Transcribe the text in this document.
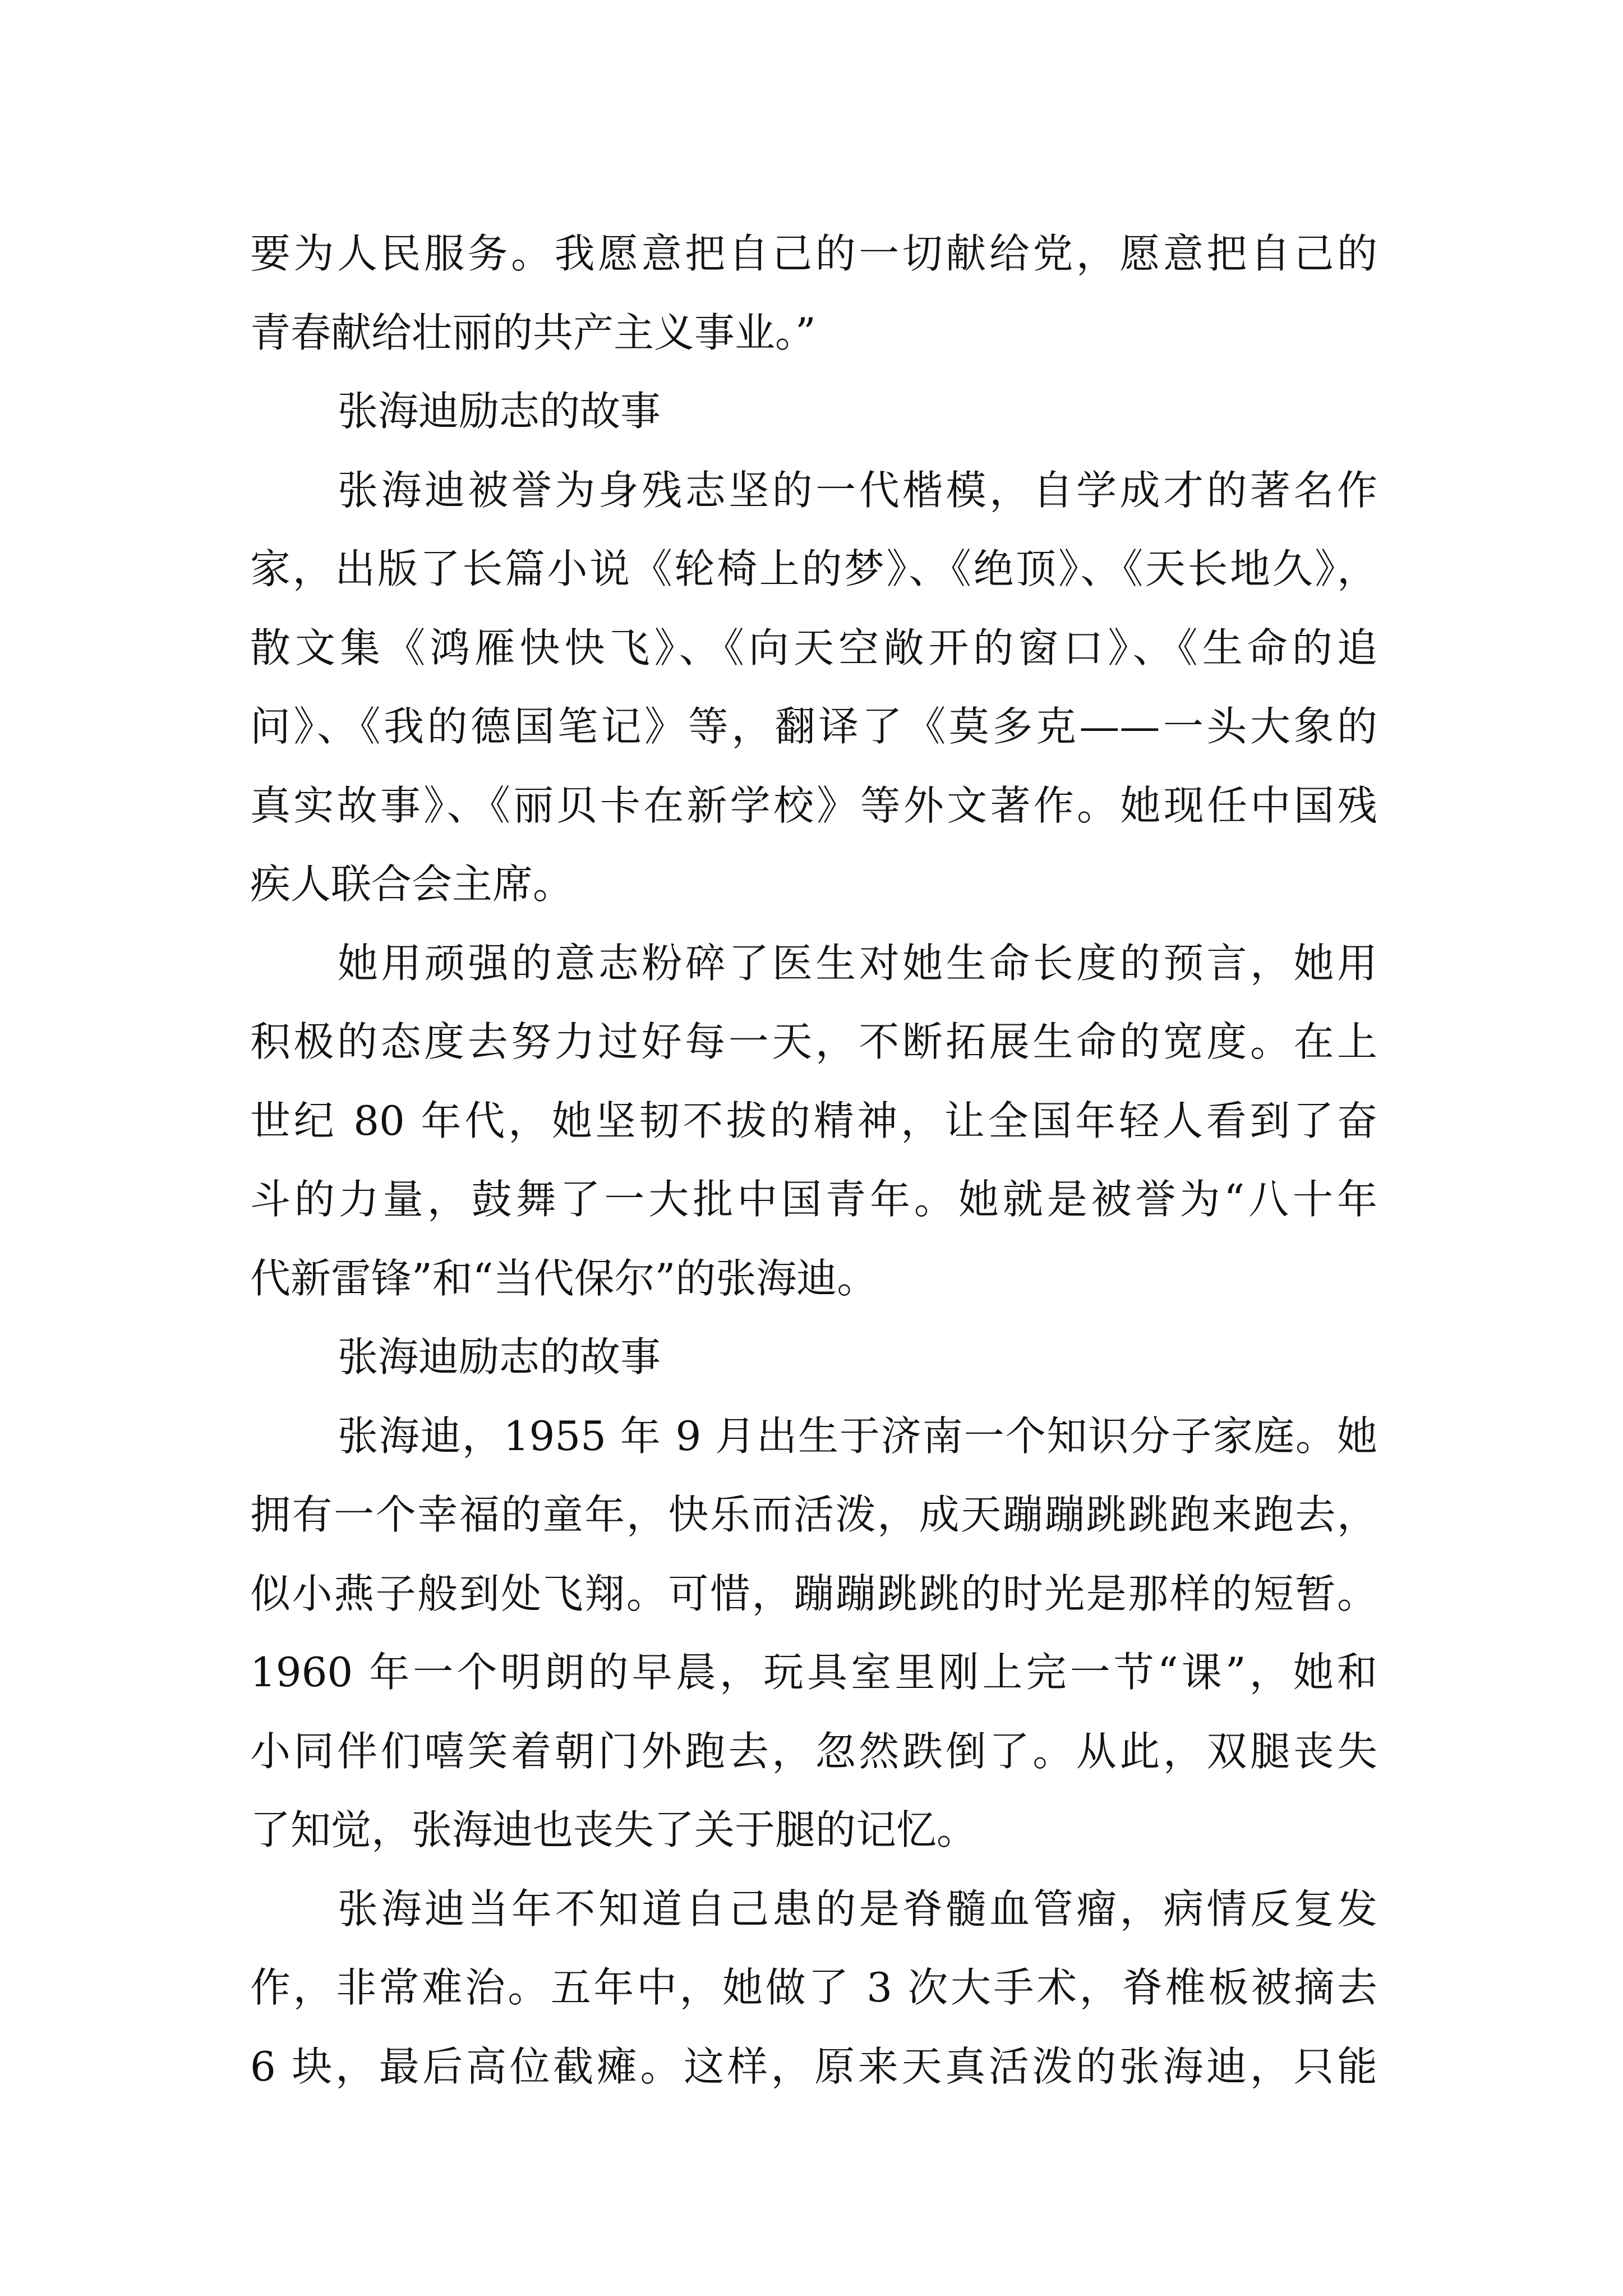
要为人民服务。我愿意把自己的一切献给党，愿意把自己的
青春献给壮丽的共产主义事业。”
张海迪励志的故事
张海迪被誉为身残志坚的一代楷模，自学成才的著名作
家，出版了长篇小说《轮椅上的梦》、《绝顶》、《天长地久》，
散文集《鸿雁快快飞》、《向天空敞开的窗口》、《生命的追
问》、《我的德国笔记》等，翻译了《莫多克——一头大象的
真实故事》、《丽贝卡在新学校》等外文著作。她现任中国残
疾人联合会主席。
她用顽强的意志粉碎了医生对她生命长度的预言，她用
积极的态度去努力过好每一天，不断拓展生命的宽度。在上
世纪 80 年代，她坚韧不拔的精神，让全国年轻人看到了奋
斗的力量，鼓舞了一大批中国青年。她就是被誉为“八十年
代新雷锋”和“当代保尔”的张海迪。
张海迪励志的故事
张海迪，1955 年 9 月出生于济南一个知识分子家庭。她
拥有一个幸福的童年，快乐而活泼，成天蹦蹦跳跳跑来跑去，
似小燕子般到处飞翔。可惜，蹦蹦跳跳的时光是那样的短暂。
1960 年一个明朗的早晨，玩具室里刚上完一节“课”，她和
小同伴们嘻笑着朝门外跑去，忽然跌倒了。从此，双腿丧失
了知觉，张海迪也丧失了关于腿的记忆。
张海迪当年不知道自己患的是脊髓血管瘤，病情反复发
作，非常难治。五年中，她做了 3 次大手术，脊椎板被摘去
6 块，最后高位截瘫。这样，原来天真活泼的张海迪，只能
